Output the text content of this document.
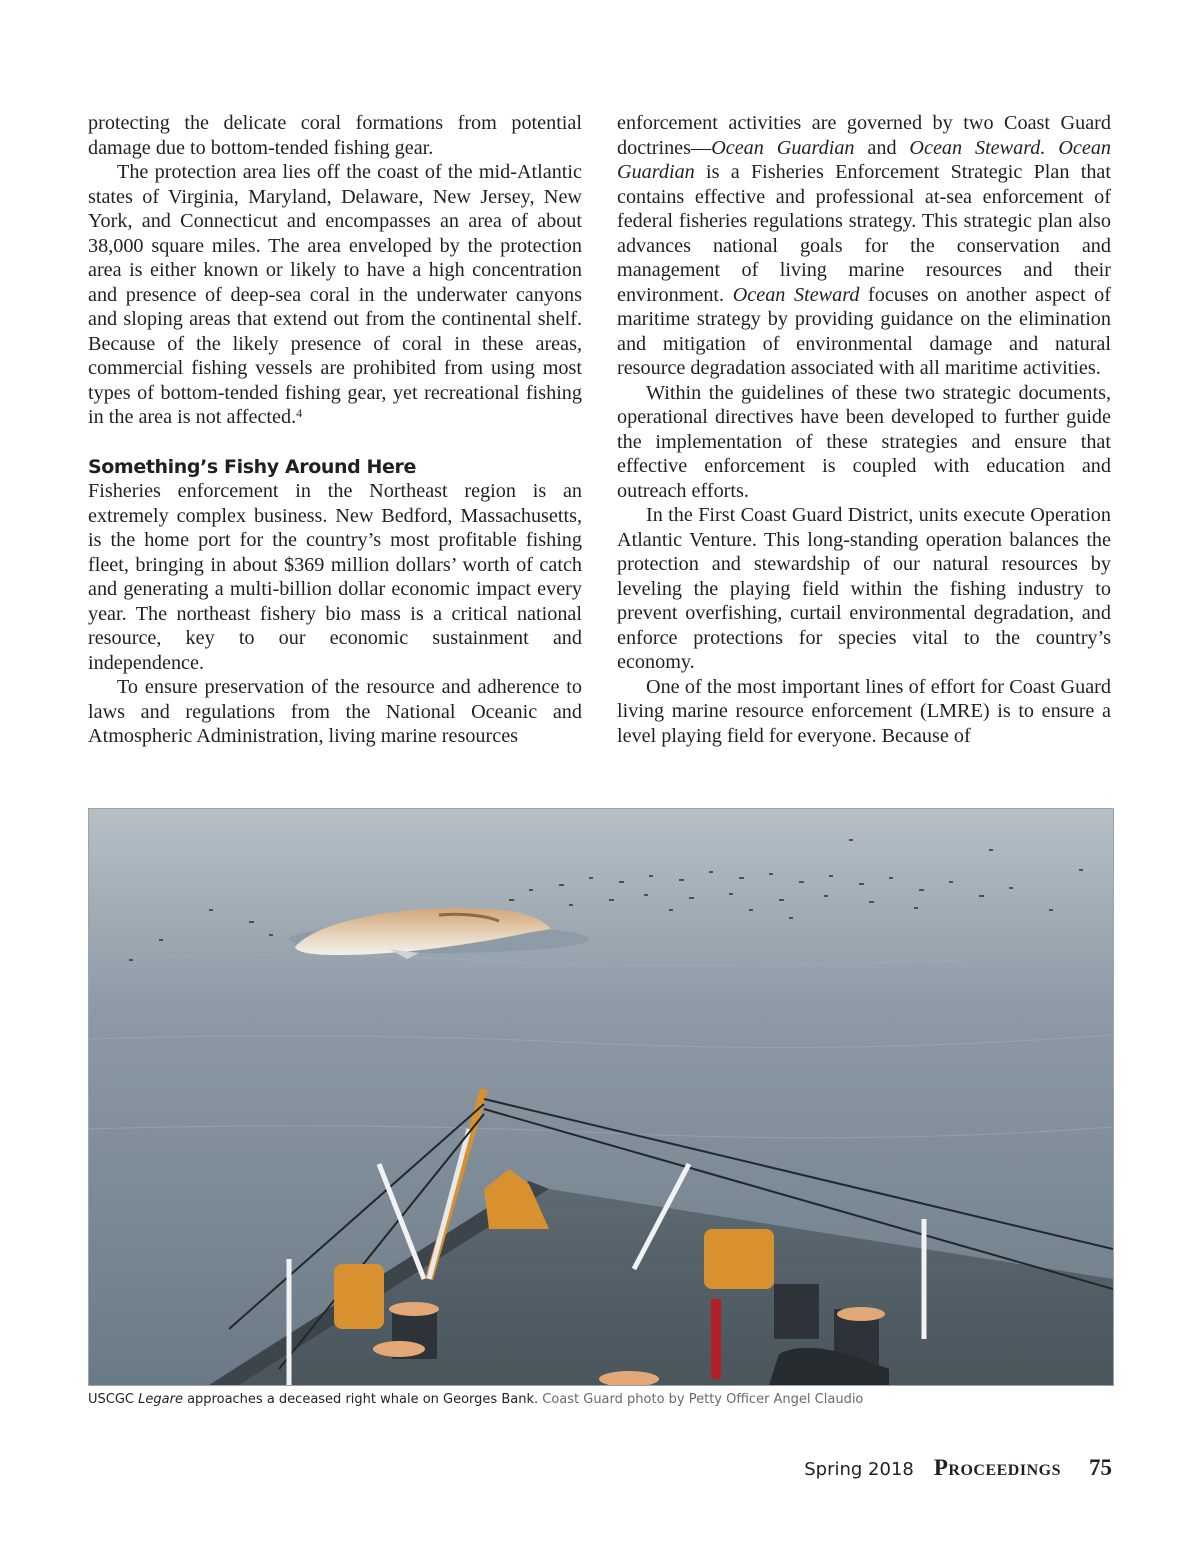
protecting the delicate coral formations from potential damage due to bottom-tended fishing gear.

The protection area lies off the coast of the mid-Atlantic states of Virginia, Maryland, Delaware, New Jersey, New York, and Connecticut and encompasses an area of about 38,000 square miles. The area enveloped by the protection area is either known or likely to have a high concentration and presence of deep-sea coral in the underwater canyons and sloping areas that extend out from the continental shelf. Because of the likely presence of coral in these areas, commercial fishing vessels are prohibited from using most types of bottom-tended fishing gear, yet recreational fishing in the area is not affected.$^4$

Something’s Fishy Around Here

Fisheries enforcement in the Northeast region is an extremely complex business. New Bedford, Massachusetts, is the home port for the country’s most profitable fishing fleet, bringing in about $369 million dollars’ worth of catch and generating a multi-billion dollar economic impact every year. The northeast fishery bio mass is a critical national resource, key to our economic sustainment and independence.

To ensure preservation of the resource and adherence to laws and regulations from the National Oceanic and Atmospheric Administration, living marine resources

enforcement activities are governed by two Coast Guard doctrines—Ocean Guardian and Ocean Steward. Ocean Guardian is a Fisheries Enforcement Strategic Plan that contains effective and professional at-sea enforcement of federal fisheries regulations strategy. This strategic plan also advances national goals for the conservation and management of living marine resources and their environment. Ocean Steward focuses on another aspect of maritime strategy by providing guidance on the elimination and mitigation of environmental damage and natural resource degradation associated with all maritime activities.

Within the guidelines of these two strategic documents, operational directives have been developed to further guide the implementation of these strategies and ensure that effective enforcement is coupled with education and outreach efforts.

In the First Coast Guard District, units execute Operation Atlantic Venture. This long-standing operation balances the protection and stewardship of our natural resources by leveling the playing field within the fishing industry to prevent overfishing, curtail environmental degradation, and enforce protections for species vital to the country’s economy.

One of the most important lines of effort for Coast Guard living marine resource enforcement (LMRE) is to ensure a level playing field for everyone. Because of

USCGC Legare approaches a deceased right whale on Georges Bank. Coast Guard photo by Petty Officer Angel Claudio
Spring 2018 Proceedings 75
